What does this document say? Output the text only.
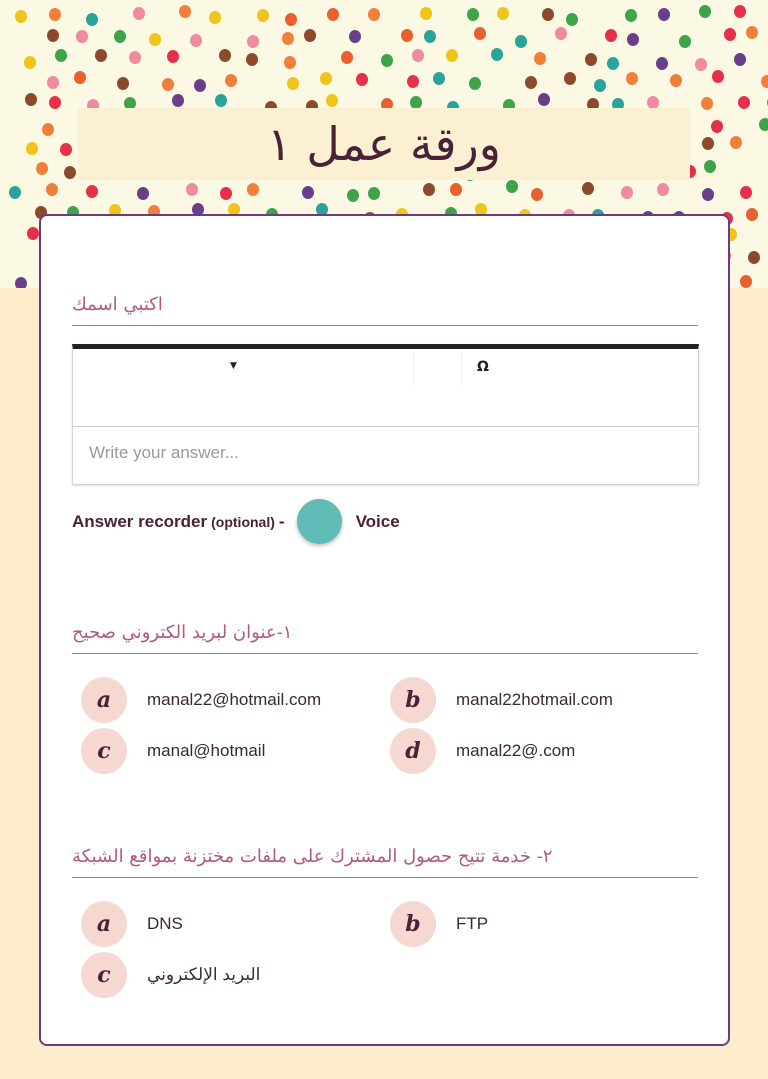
ورقة عمل ١
اكتبي اسمك
▼	Ω
Write your answer...
Answer recorder (optional) -	Voice
١-عنوان لبريد الكتروني صحيح
a	manal22@hotmail.com	b	manal22hotmail.com
c	manal@hotmail	d	manal22@.com
٢- خدمة تتيح حصول المشترك على ملفات مختزنة بمواقع الشبكة
a	DNS	b	FTP
c	البريد الإلكتروني
